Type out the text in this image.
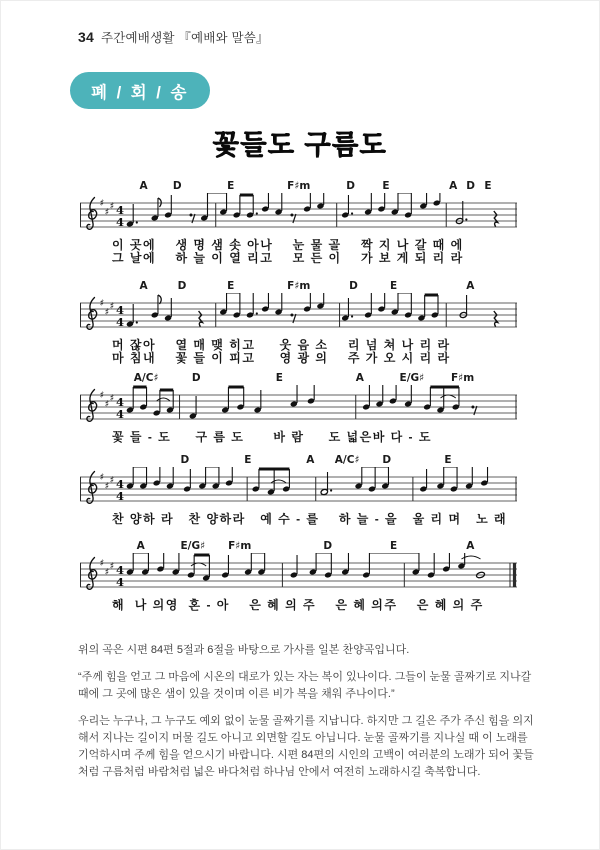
34 주간예배생활 『예배와 말씀』
폐 / 회 / 송
꽃들도 구름도
A D	E	F♯m	D	E	A D E
♯
♯
♯ 4
4
이 곳에    생 명 샘 솟 아나    눈 물 골    짝 지 나 갈 때 에
그 날에    하 늘 이 열 리고    모 든 이    가 보 게 되 리 라
A	D	E	F♯m	D	E	A
♯
♯
♯ 4
4
머 잖아    열 매 맺 히고     웃 음 소    리 넘 쳐 나 리 라
마 침내    꽃 들 이 피고     영 광 의    주 가 오 시 리 라
A/C♯	D	E	A	E/G♯	F♯m
♯
♯
♯ 4
4
꽃 들 - 도     구 름 도      바 람     도 넓은바 다 - 도
D	E	A A/C♯ D	E
♯
♯
♯ 4
4
찬 양하 라   찬 양하라   예 수 - 를    하 늘 - 을   울 리 며   노 래
A	E/G♯ F♯m	D	E	A
♯
♯
♯ 4
4
해  나 의영  혼 - 아    은 혜 의 주    은 혜 의주    은 혜 의 주

위의 곡은 시편 84편 5절과 6절을 바탕으로 가사를 일본 찬양곡입니다.

“주께 힘을 얻고 그 마음에 시온의 대로가 있는 자는 복이 있나이다. 그들이 눈물 골짜기로 지나갈 때에 그 곳에 많은 샘이 있을 것이며 이른 비가 복을 채워 주나이다.”

우리는 누구나, 그 누구도 예외 없이 눈물 골짜기를 지납니다. 하지만 그 길은 주가 주신 힘을 의지해서 지나는 길이지 머물 길도 아니고 외면할 길도 아닙니다. 눈물 골짜기를 지나실 때 이 노래를 기억하시며 주께 힘을 얻으시기 바랍니다. 시편 84편의 시인의 고백이 여러분의 노래가 되어 꽃들처럼 구름처럼 바람처럼 넓은 바다처럼 하나님 안에서 여전히 노래하시길 축복합니다.
